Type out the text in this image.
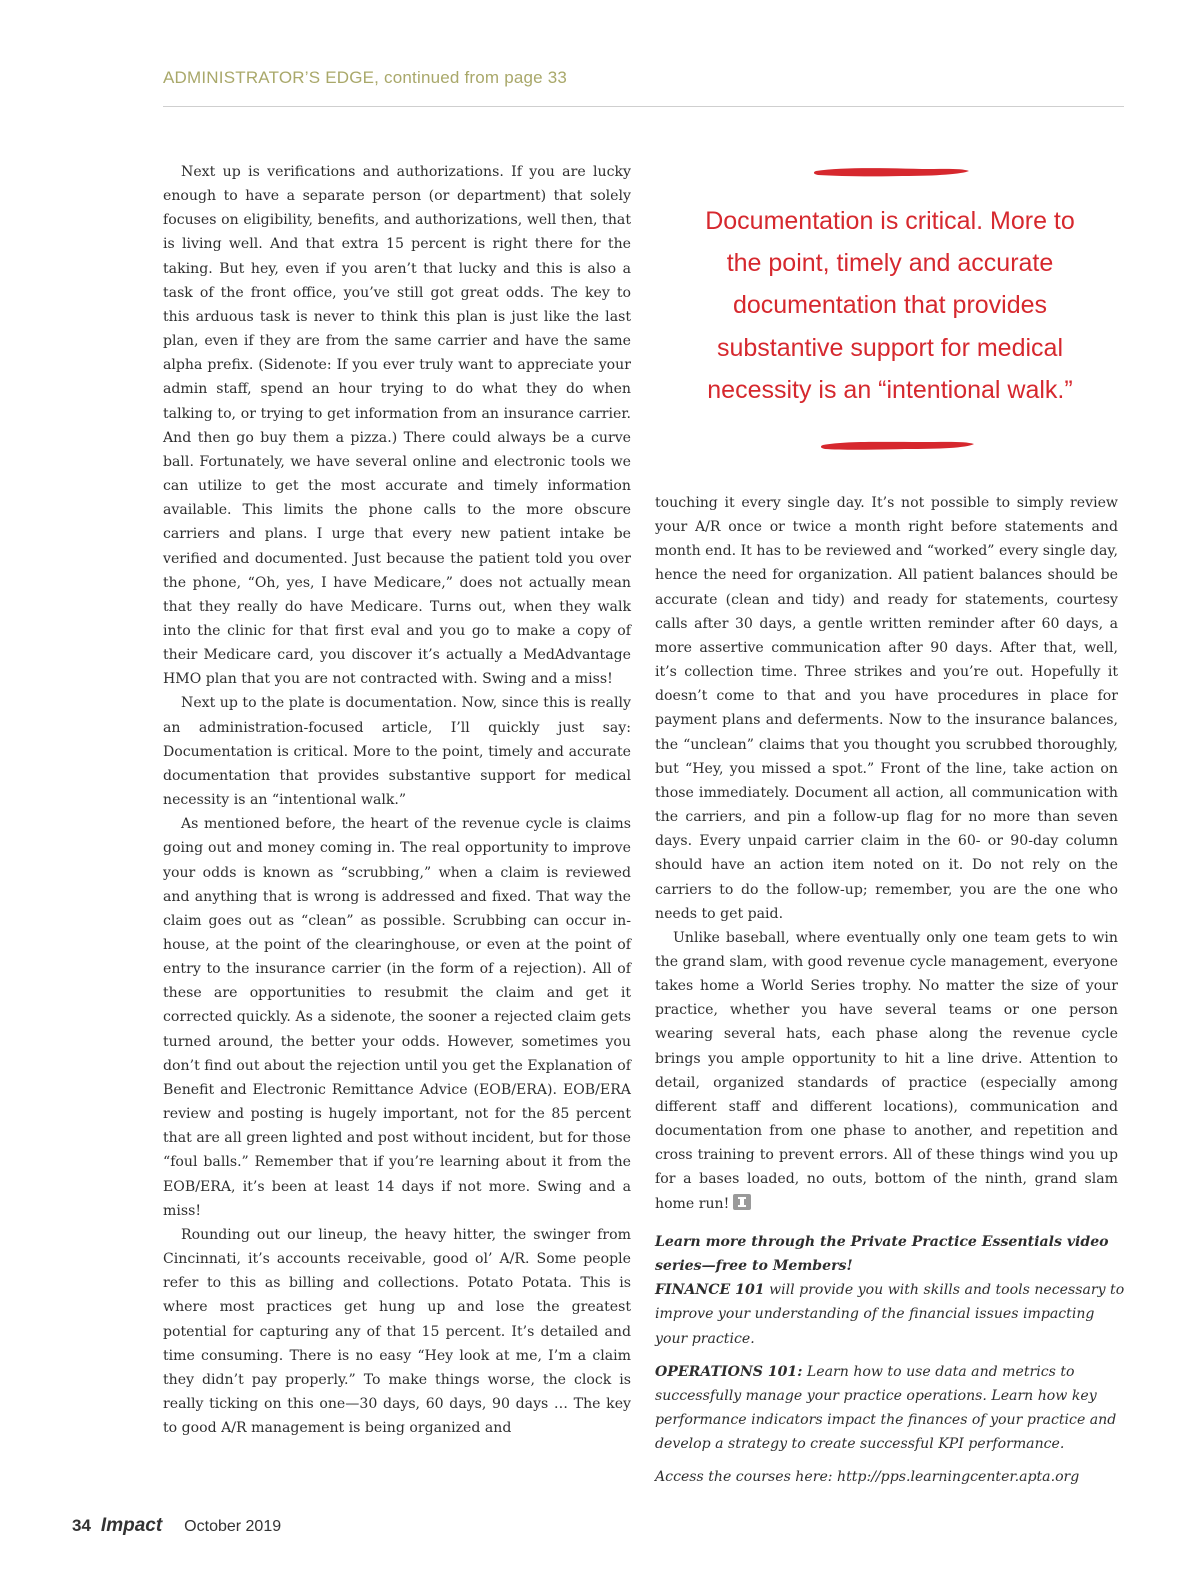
ADMINISTRATOR’S EDGE, continued from page 33

Next up is verifications and authorizations. If you are lucky enough to have a separate person (or department) that solely focuses on eligibility, benefits, and authorizations, well then, that is living well. And that extra 15 percent is right there for the taking. But hey, even if you aren’t that lucky and this is also a task of the front office, you’ve still got great odds. The key to this arduous task is never to think this plan is just like the last plan, even if they are from the same carrier and have the same alpha prefix. (Sidenote: If you ever truly want to appreciate your admin staff, spend an hour trying to do what they do when talking to, or trying to get information from an insurance carrier. And then go buy them a pizza.) There could always be a curve ball. Fortunately, we have several online and electronic tools we can utilize to get the most accurate and timely information available. This limits the phone calls to the more obscure carriers and plans. I urge that every new patient intake be verified and documented. Just because the patient told you over the phone, “Oh, yes, I have Medicare,” does not actually mean that they really do have Medicare. Turns out, when they walk into the clinic for that first eval and you go to make a copy of their Medicare card, you discover it’s actually a MedAdvantage HMO plan that you are not contracted with. Swing and a miss!

Next up to the plate is documentation. Now, since this is really an administration-focused article, I’ll quickly just say: Documentation is critical. More to the point, timely and accurate documentation that provides substantive support for medical necessity is an “intentional walk.”

As mentioned before, the heart of the revenue cycle is claims going out and money coming in. The real opportunity to improve your odds is known as “scrubbing,” when a claim is reviewed and anything that is wrong is addressed and fixed. That way the claim goes out as “clean” as possible. Scrubbing can occur in-house, at the point of the clearinghouse, or even at the point of entry to the insurance carrier (in the form of a rejection). All of these are opportunities to resubmit the claim and get it corrected quickly. As a sidenote, the sooner a rejected claim gets turned around, the better your odds. However, sometimes you don’t find out about the rejection until you get the Explanation of Benefit and Electronic Remittance Advice (EOB/ERA). EOB/ERA review and posting is hugely important, not for the 85 percent that are all green lighted and post without incident, but for those “foul balls.” Remember that if you’re learning about it from the EOB/ERA, it’s been at least 14 days if not more. Swing and a miss!

Rounding out our lineup, the heavy hitter, the swinger from Cincinnati, it’s accounts receivable, good ol’ A/R. Some people refer to this as billing and collections. Potato Potata. This is where most practices get hung up and lose the greatest potential for capturing any of that 15 percent. It’s detailed and time consuming. There is no easy “Hey look at me, I’m a claim they didn’t pay properly.” To make things worse, the clock is really ticking on this one—30 days, 60 days, 90 days … The key to good A/R management is being organized and

Documentation is critical. More to the point, timely and accurate documentation that provides substantive support for medical necessity is an “intentional walk.”

touching it every single day. It’s not possible to simply review your A/R once or twice a month right before statements and month end. It has to be reviewed and “worked” every single day, hence the need for organization. All patient balances should be accurate (clean and tidy) and ready for statements, courtesy calls after 30 days, a gentle written reminder after 60 days, a more assertive communication after 90 days. After that, well, it’s collection time. Three strikes and you’re out. Hopefully it doesn’t come to that and you have procedures in place for payment plans and deferments. Now to the insurance balances, the “unclean” claims that you thought you scrubbed thoroughly, but “Hey, you missed a spot.” Front of the line, take action on those immediately. Document all action, all communication with the carriers, and pin a follow-up flag for no more than seven days. Every unpaid carrier claim in the 60- or 90-day column should have an action item noted on it. Do not rely on the carriers to do the follow-up; remember, you are the one who needs to get paid.

Unlike baseball, where eventually only one team gets to win the grand slam, with good revenue cycle management, everyone takes home a World Series trophy. No matter the size of your practice, whether you have several teams or one person wearing several hats, each phase along the revenue cycle brings you ample opportunity to hit a line drive. Attention to detail, organized standards of practice (especially among different staff and different locations), communication and documentation from one phase to another, and repetition and cross training to prevent errors. All of these things wind you up for a bases loaded, no outs, bottom of the ninth, grand slam home run!

Learn more through the Private Practice Essentials video series—free to Members!
FINANCE 101 will provide you with skills and tools necessary to improve your understanding of the financial issues impacting your practice.

OPERATIONS 101: Learn how to use data and metrics to successfully manage your practice operations. Learn how key performance indicators impact the finances of your practice and develop a strategy to create successful KPI performance.

Access the courses here: http://pps.learningcenter.apta.org

34 Impact October 2019
